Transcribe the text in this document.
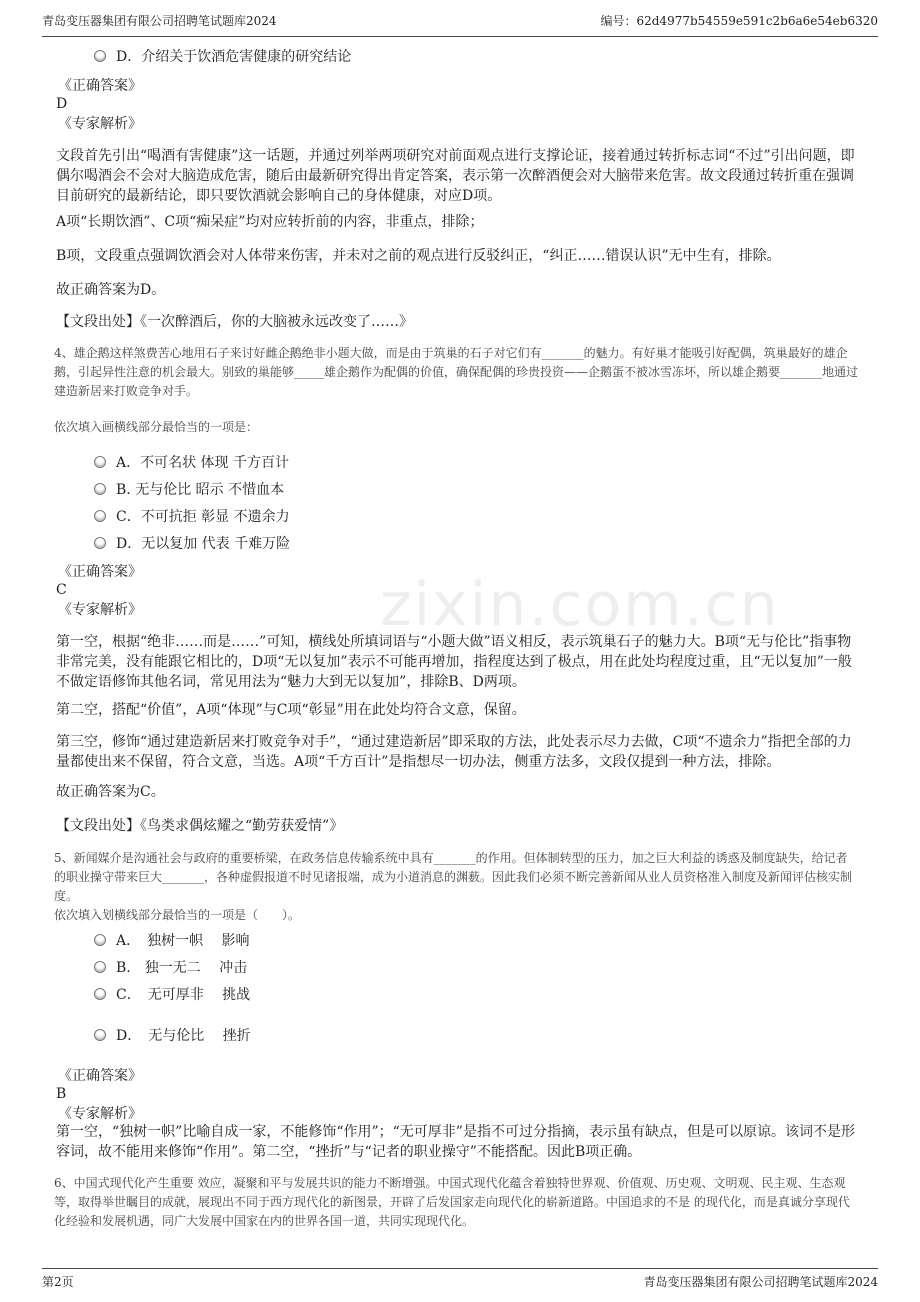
青岛变压器集团有限公司招聘笔试题库2024	编号：62d4977b54559e591c2b6a6e54eb6320
zixin.com.cn
D．介绍关于饮酒危害健康的研究结论
《正确答案》
D
《专家解析》
文段首先引出“喝酒有害健康”这一话题，并通过列举两项研究对前面观点进行支撑论证，接着通过转折标志词“不过”引出问题，即偶尔喝酒会不会对大脑造成危害，随后由最新研究得出肯定答案，表示第一次醉酒便会对大脑带来危害。故文段通过转折重在强调目前研究的最新结论，即只要饮酒就会影响自己的身体健康，对应D项。
A项“长期饮酒”、C项“痴呆症”均对应转折前的内容，非重点，排除；
B项，文段重点强调饮酒会对人体带来伤害，并未对之前的观点进行反驳纠正，“纠正……错误认识”无中生有，排除。
故正确答案为D。
【文段出处】《一次醉酒后，你的大脑被永远改变了……》
4、雄企鹅这样煞费苦心地用石子来讨好雌企鹅绝非小题大做，而是由于筑巢的石子对它们有_______的魅力。有好巢才能吸引好配偶，筑巢最好的雄企鹅，引起异性注意的机会最大。别致的巢能够_____雄企鹅作为配偶的价值，确保配偶的珍贵投资——企鹅蛋不被冰雪冻坏，所以雄企鹅要_______地通过建造新居来打败竞争对手。
依次填入画横线部分最恰当的一项是：
A．不可名状 体现 千方百计
B. 无与伦比 昭示 不惜血本
C．不可抗拒 彰显 不遗余力
D．无以复加 代表 千难万险
《正确答案》
C
《专家解析》
第一空，根据“绝非……而是……”可知，横线处所填词语与“小题大做”语义相反，表示筑巢石子的魅力大。B项“无与伦比”指事物非常完美，没有能跟它相比的，D项“无以复加”表示不可能再增加，指程度达到了极点，用在此处均程度过重，且“无以复加”一般不做定语修饰其他名词，常见用法为“魅力大到无以复加”，排除B、D两项。
第二空，搭配“价值”，A项“体现”与C项“彰显”用在此处均符合文意，保留。
第三空，修饰“通过建造新居来打败竞争对手”，“通过建造新居”即采取的方法，此处表示尽力去做，C项“不遗余力”指把全部的力量都使出来不保留，符合文意，当选。A项“千方百计”是指想尽一切办法，侧重方法多，文段仅提到一种方法，排除。
故正确答案为C。
【文段出处】《鸟类求偶炫耀之“勤劳获爱情”》
5、新闻媒介是沟通社会与政府的重要桥梁，在政务信息传输系统中具有_______的作用。但体制转型的压力，加之巨大利益的诱惑及制度缺失，给记者的职业操守带来巨大_______，各种虚假报道不时见诸报端，成为小道消息的渊薮。因此我们必须不断完善新闻从业人员资格准入制度及新闻评估核实制度。
依次填入划横线部分最恰当的一项是（　　）。
A．　独树一帜　 影响
B.　独一无二　 冲击
C．　无可厚非　 挑战
D．　无与伦比　 挫折
《正确答案》
B
《专家解析》
第一空，“独树一帜”比喻自成一家，不能修饰“作用”；“无可厚非”是指不可过分指摘，表示虽有缺点，但是可以原谅。该词不是形容词，故不能用来修饰“作用”。第二空，“挫折”与“记者的职业操守”不能搭配。因此B项正确。
6、中国式现代化产生重要 效应，凝聚和平与发展共识的能力不断增强。中国式现代化蕴含着独特世界观、价值观、历史观、文明观、民主观、生态观等，取得举世瞩目的成就，展现出不同于西方现代化的新图景，开辟了后发国家走向现代化的崭新道路。中国追求的不是 的现代化，而是真诚分享现代化经验和发展机遇，同广大发展中国家在内的世界各国一道，共同实现现代化。
第2页	青岛变压器集团有限公司招聘笔试题库2024
